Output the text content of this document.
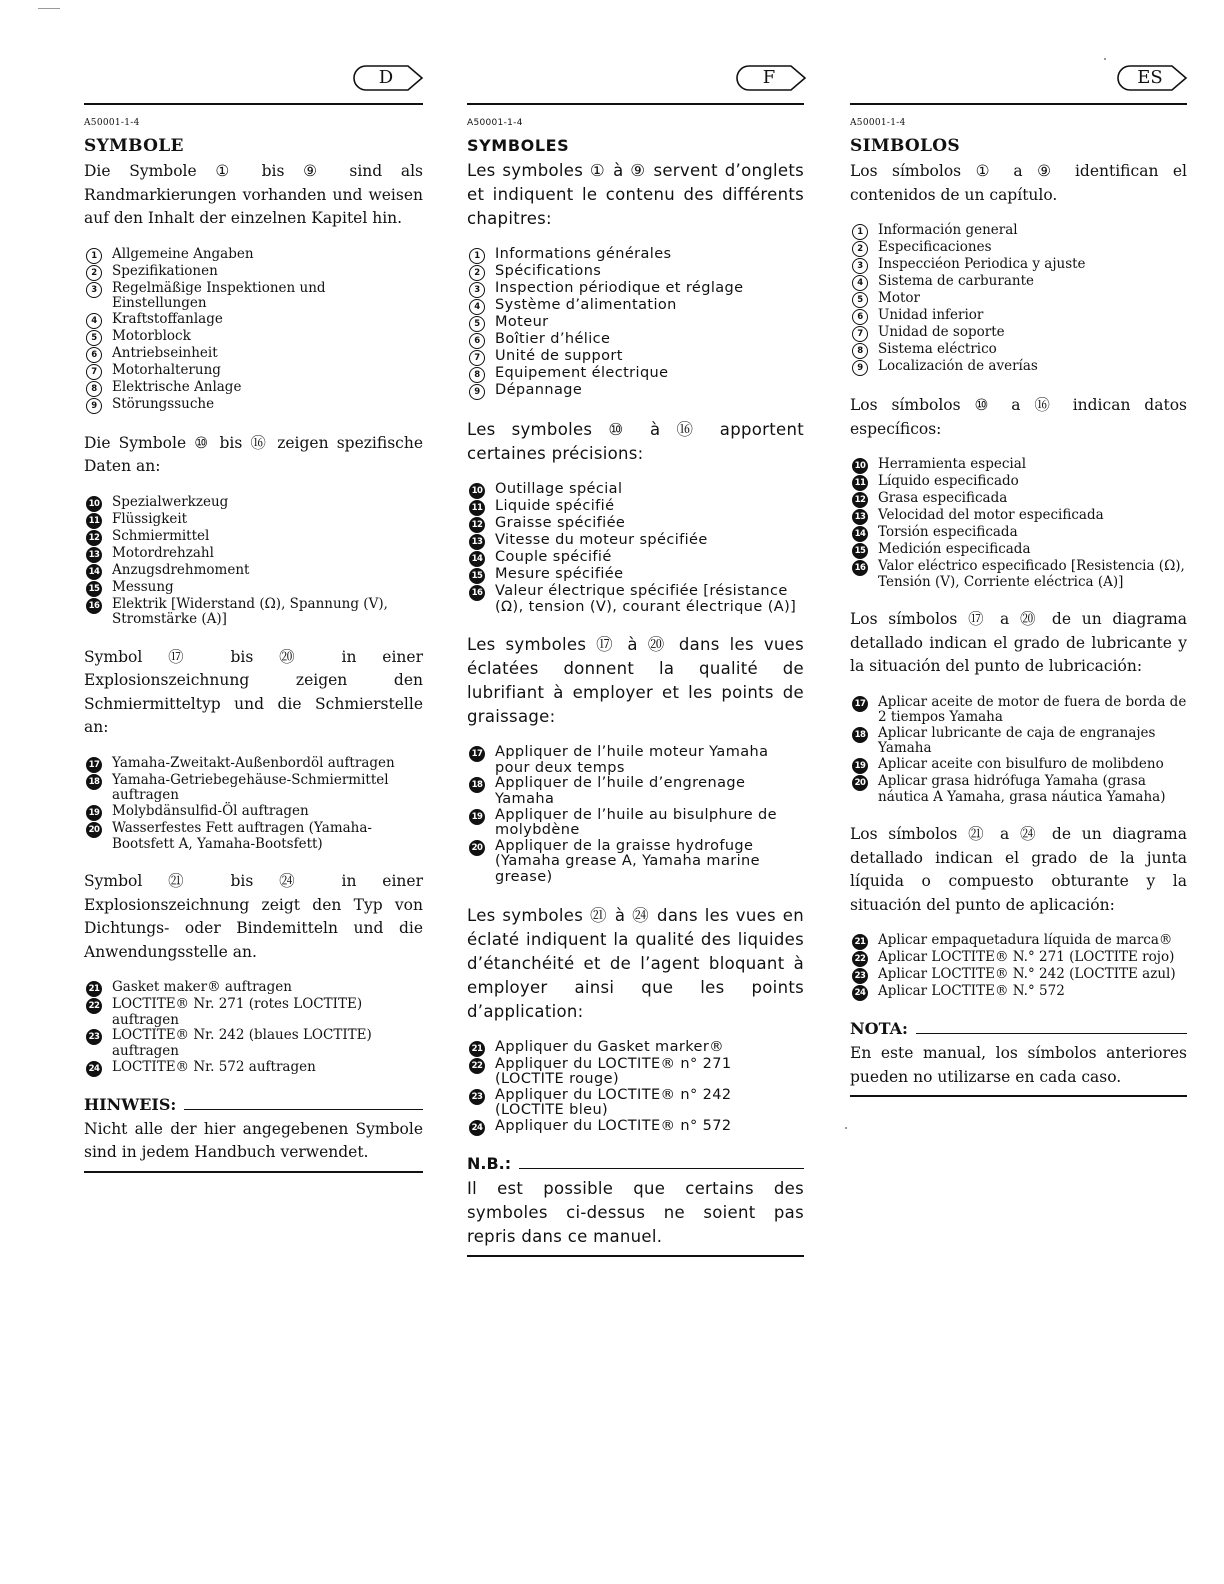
D	F	ES
A50001-1-4
SYMBOLE

Die Symbole ① bis ⑨ sind als Randmarkierungen vorhanden und weisen auf den Inhalt der einzelnen Kapitel hin.

1	Allgemeine Angaben
2	Spezifikationen
3	Regelmäßige Inspektionen und Einstellungen
4	Kraftstoffanlage
5	Motorblock
6	Antriebseinheit
7	Motorhalterung
8	Elektrische Anlage
9	Störungssuche

Die Symbole ⑩ bis ⑯ zeigen spezifische Daten an:

10 Spezialwerkzeug
11 Flüssigkeit
12 Schmiermittel
13 Motordrehzahl
14 Anzugsdrehmoment
15 Messung
16 Elektrik [Widerstand (Ω), Spannung (V), Stromstärke (A)]

Symbol ⑰ bis ⑳ in einer Explosionszeichnung zeigen den Schmiermitteltyp und die Schmierstelle an:

17 Yamaha-Zweitakt-Außenbordöl auftragen
18 Yamaha-Getriebegehäuse-Schmiermittel auftragen
19 Molybdänsulfid-Öl auftragen
20 Wasserfestes Fett auftragen (Yamaha-Bootsfett A, Yamaha-Bootsfett)

Symbol ㉑ bis ㉔ in einer Explosionszeichnung zeigt den Typ von Dichtungs- oder Bindemitteln und die Anwendungsstelle an.

21 Gasket maker® auftragen
22 LOCTITE® Nr. 271 (rotes LOCTITE) auftragen
23 LOCTITE® Nr. 242 (blaues LOCTITE) auftragen
24 LOCTITE® Nr. 572 auftragen
HINWEIS:

Nicht alle der hier angegebenen Symbole sind in jedem Handbuch verwendet.

A50001-1-4
SYMBOLES

Les symboles ① à ⑨ servent d’onglets et indiquent le contenu des différents chapitres:

1	Informations générales
2	Spécifications
3	Inspection périodique et réglage
4	Système d’alimentation
5	Moteur
6	Boîtier d’hélice
7	Unité de support
8	Equipement électrique
9	Dépannage

Les symboles ⑩ à ⑯ apportent certaines précisions:

10 Outillage spécial
11 Liquide spécifié
12 Graisse spécifiée
13 Vitesse du moteur spécifiée
14 Couple spécifié
15 Mesure spécifiée
16 Valeur électrique spécifiée [résistance (Ω), tension (V), courant électrique (A)]

Les symboles ⑰ à ⑳ dans les vues éclatées donnent la qualité de lubrifiant à employer et les points de graissage:

17 Appliquer de l’huile moteur Yamaha pour deux temps
18 Appliquer de l’huile d’engrenage Yamaha
19 Appliquer de l’huile au bisulphure de molybdène
20 Appliquer de la graisse hydrofuge (Yamaha grease A, Yamaha marine grease)

Les symboles ㉑ à ㉔ dans les vues en éclaté indiquent la qualité des liquides d’étanchéité et de l’agent bloquant à employer ainsi que les points d’application:

21 Appliquer du Gasket marker®
22 Appliquer du LOCTITE® n° 271 (LOCTITE rouge)
23 Appliquer du LOCTITE® n° 242 (LOCTITE bleu)
24 Appliquer du LOCTITE® n° 572
N.B.:

Il est possible que certains des symboles ci-dessus ne soient pas repris dans ce manuel.

A50001-1-4
SIMBOLOS

Los símbolos ① a ⑨ identifican el contenidos de un capítulo.

1	Información general
2	Especificaciones
3	Inspecciéon Periodica y ajuste
4	Sistema de carburante
5	Motor
6	Unidad inferior
7	Unidad de soporte
8	Sistema eléctrico
9	Localización de averías

Los símbolos ⑩ a ⑯ indican datos específicos:

10 Herramienta especial
11 Líquido especificado
12 Grasa especificada
13 Velocidad del motor especificada
14 Torsión especificada
15 Medición especificada
16 Valor eléctrico especificado [Resistencia (Ω), Tensión (V), Corriente eléctrica (A)]

Los símbolos ⑰ a ⑳ de un diagrama detallado indican el grado de lubricante y la situación del punto de lubricación:

17 Aplicar aceite de motor de fuera de borda de 2 tiempos Yamaha
18 Aplicar lubricante de caja de engranajes Yamaha
19 Aplicar aceite con bisulfuro de molibdeno
20 Aplicar grasa hidrófuga Yamaha (grasa náutica A Yamaha, grasa náutica Yamaha)

Los símbolos ㉑ a ㉔ de un diagrama detallado indican el grado de la junta líquida o compuesto obturante y la situación del punto de aplicación:

21 Aplicar empaquetadura líquida de marca®
22 Aplicar LOCTITE® N.° 271 (LOCTITE rojo)
23 Aplicar LOCTITE® N.° 242 (LOCTITE azul)
24 Aplicar LOCTITE® N.° 572
NOTA:

En este manual, los símbolos anteriores pueden no utilizarse en cada caso.
